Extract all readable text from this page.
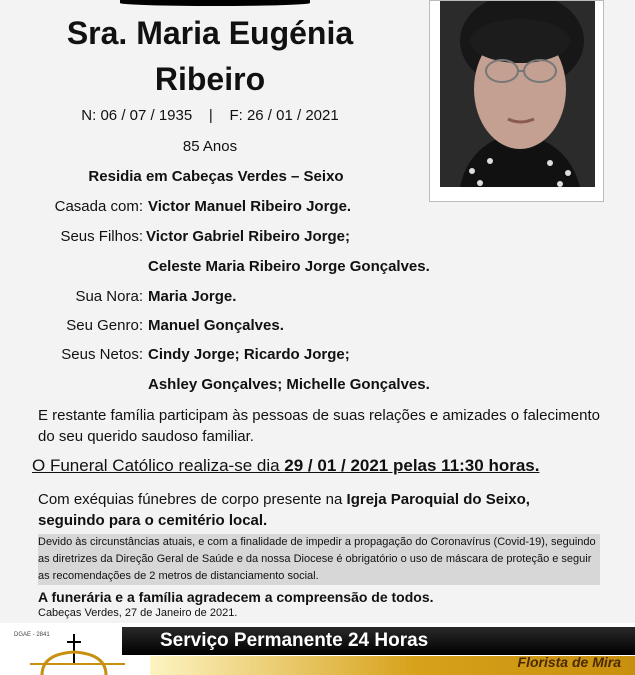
Sra. Maria Eugénia
Ribeiro
N: 06 / 07 / 1935    |    F: 26 / 01 / 2021
85 Anos
Residia em Cabeças Verdes – Seixo
Casada com: Victor Manuel Ribeiro Jorge.
Seus Filhos: Victor Gabriel Ribeiro Jorge;
Celeste Maria Ribeiro Jorge Gonçalves.
Sua Nora: Maria Jorge.
Seu Genro: Manuel Gonçalves.
Seus Netos: Cindy Jorge; Ricardo Jorge;
Ashley Gonçalves; Michelle Gonçalves.
E restante família participam às pessoas de suas relações e amizades o falecimento do seu querido saudoso familiar.
O Funeral Católico realiza-se dia 29 / 01 / 2021 pelas 11:30 horas.
Com exéquias fúnebres de corpo presente na Igreja Paroquial do Seixo,
seguindo para o cemitério local.
Devido às circunstâncias atuais, e com a finalidade de impedir a propagação do Coronavírus (Covid-19), seguindo as diretrizes da Direção Geral de Saúde e da nossa Diocese é obrigatório o uso de máscara de proteção e seguir as recomendações de 2 metros de distanciamento social.
A funerária e a família agradecem a compreensão de todos.
Cabeças Verdes, 27 de Janeiro de 2021.
DGAE - 2841	Serviço Permanente 24 Horas
Florista de Mira
